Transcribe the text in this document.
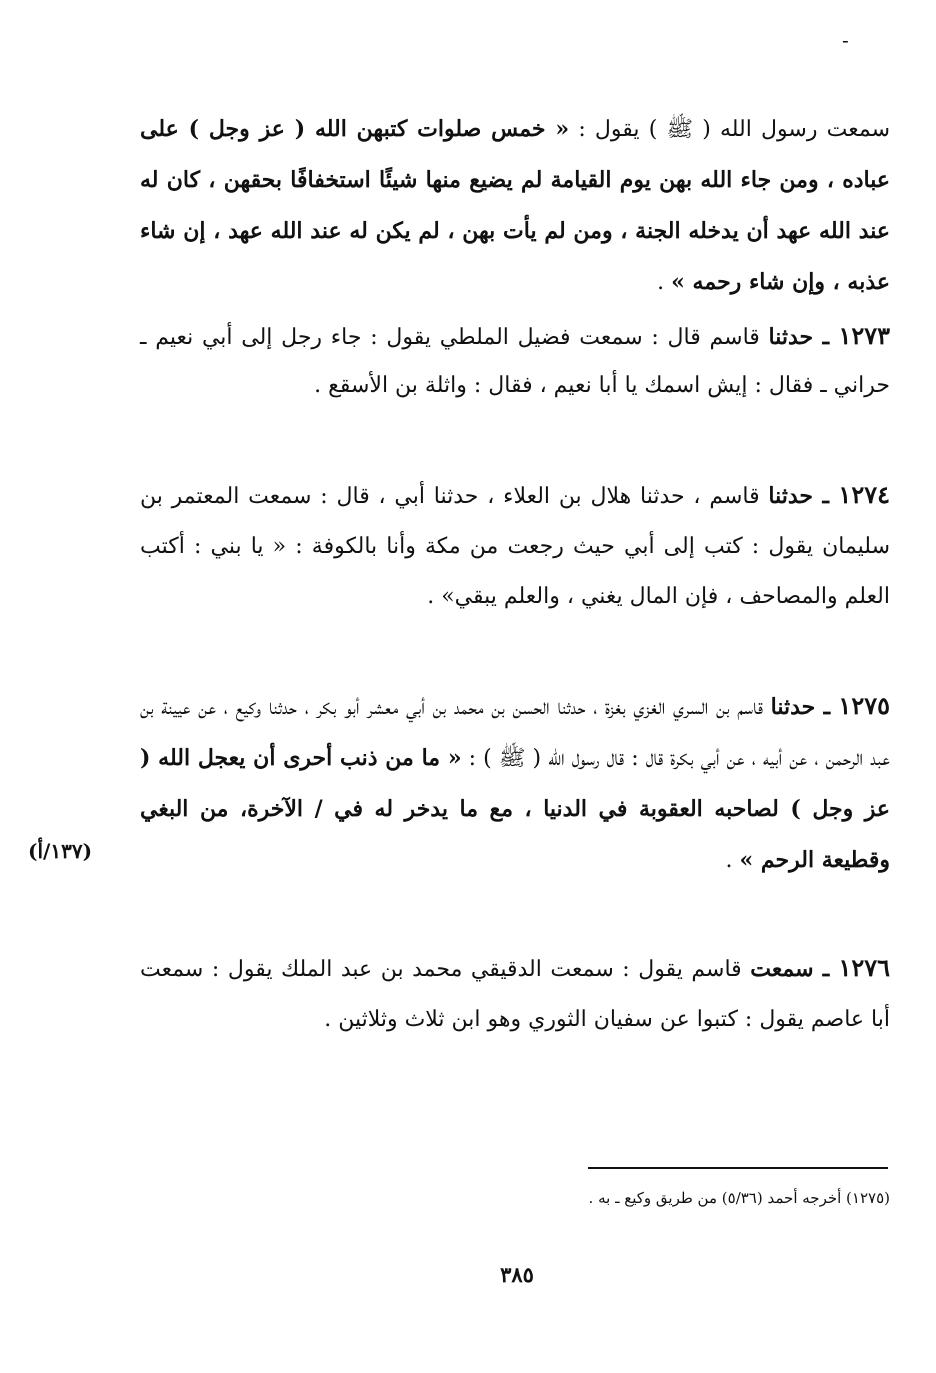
-
سمعت رسول الله ( ﷺ ) يقول : « خمس صلوات كتبهن الله ( عز وجل ) على عباده ، ومن جاء الله بهن يوم القيامة لم يضيع منها شيئًا استخفافًا بحقهن ، كان له عند الله عهد أن يدخله الجنة ، ومن لم يأت بهن ، لم يكن له عند الله عهد ، إن شاء عذبه ، وإن شاء رحمه » .
١٢٧٣ ـ حدثنا قاسم قال : سمعت فضيل الملطي يقول : جاء رجل إلى أبي نعيم ـ حراني ـ فقال : إيش اسمك يا أبا نعيم ، فقال : واثلة بن الأسقع .
١٢٧٤ ـ حدثنا قاسم ، حدثنا هلال بن العلاء ، حدثنا أبي ، قال : سمعت المعتمر بن سليمان يقول : كتب إلى أبي حيث رجعت من مكة وأنا بالكوفة : « يا بني : أكتب العلم والمصاحف ، فإن المال يغني ، والعلم يبقي» .
١٢٧٥ ـ حدثنا قاسم بن السري الغزي بغزة ، حدثنا الحسن بن محمد بن أبي معشر أبو بكر ، حدثنا وكيع ، عن عيينة بن عبد الرحمن ، عن أبيه ، عن أبي بكرة قال : قال رسول الله ( ﷺ ) : « ما من ذنب أحرى أن يعجل الله ( عز وجل ) لصاحبه العقوبة في الدنيا ، مع ما يدخر له في / الآخرة، من البغي وقطيعة الرحم » .
(١٣٧/أ)
١٢٧٦ ـ سمعت قاسم يقول : سمعت الدقيقي محمد بن عبد الملك يقول : سمعت أبا عاصم يقول : كتبوا عن سفيان الثوري وهو ابن ثلاث وثلاثين .
(١٢٧٥) أخرجه أحمد (٥/٣٦) من طريق وكيع ـ به .
٣٨٥
